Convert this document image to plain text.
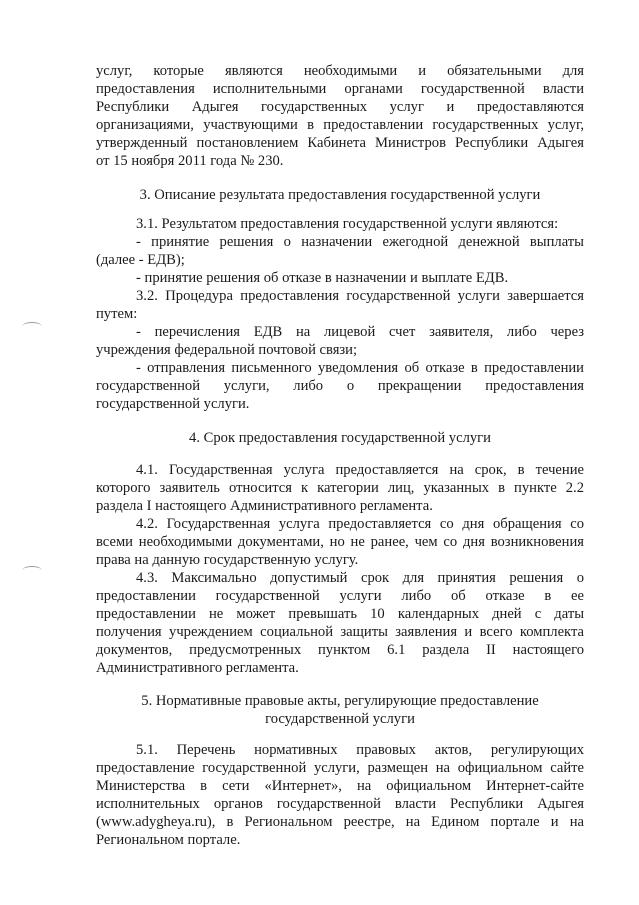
услуг, которые являются необходимыми и обязательными для

предоставления исполнительными органами государственной власти

Республики Адыгея государственных услуг и предоставляются

организациями, участвующими в предоставлении государственных услуг,

утвержденный постановлением Кабинета Министров Республики Адыгея

от 15 ноября 2011 года № 230.

3. Описание результата предоставления государственной услуги

3.1. Результатом предоставления государственной услуги являются:

- принятие решения о назначении ежегодной денежной выплаты

(далее - ЕДВ);

- принятие решения об отказе в назначении и выплате ЕДВ.

3.2. Процедура предоставления государственной услуги завершается

путем:

- перечисления ЕДВ на лицевой счет заявителя, либо через

учреждения федеральной почтовой связи;

- отправления письменного уведомления об отказе в предоставлении

государственной услуги, либо о прекращении предоставления

государственной услуги.

4. Срок предоставления государственной услуги

4.1. Государственная услуга предоставляется на срок, в течение

которого заявитель относится к категории лиц, указанных в пункте 2.2

раздела I настоящего Административного регламента.

4.2. Государственная услуга предоставляется со дня обращения со

всеми необходимыми документами, но не ранее, чем со дня возникновения

права на данную государственную услугу.

4.3. Максимально допустимый срок для принятия решения о

предоставлении государственной услуги либо об отказе в ее

предоставлении не может превышать 10 календарных дней с даты

получения учреждением социальной защиты заявления и всего комплекта

документов, предусмотренных пунктом 6.1 раздела II настоящего

Административного регламента.

5. Нормативные правовые акты, регулирующие предоставление

государственной услуги

5.1. Перечень нормативных правовых актов, регулирующих

предоставление государственной услуги, размещен на официальном сайте

Министерства в сети «Интернет», на официальном Интернет-сайте

исполнительных органов государственной власти Республики Адыгея

(www.adygheya.ru), в Региональном реестре, на Едином портале и на

Региональном портале.
